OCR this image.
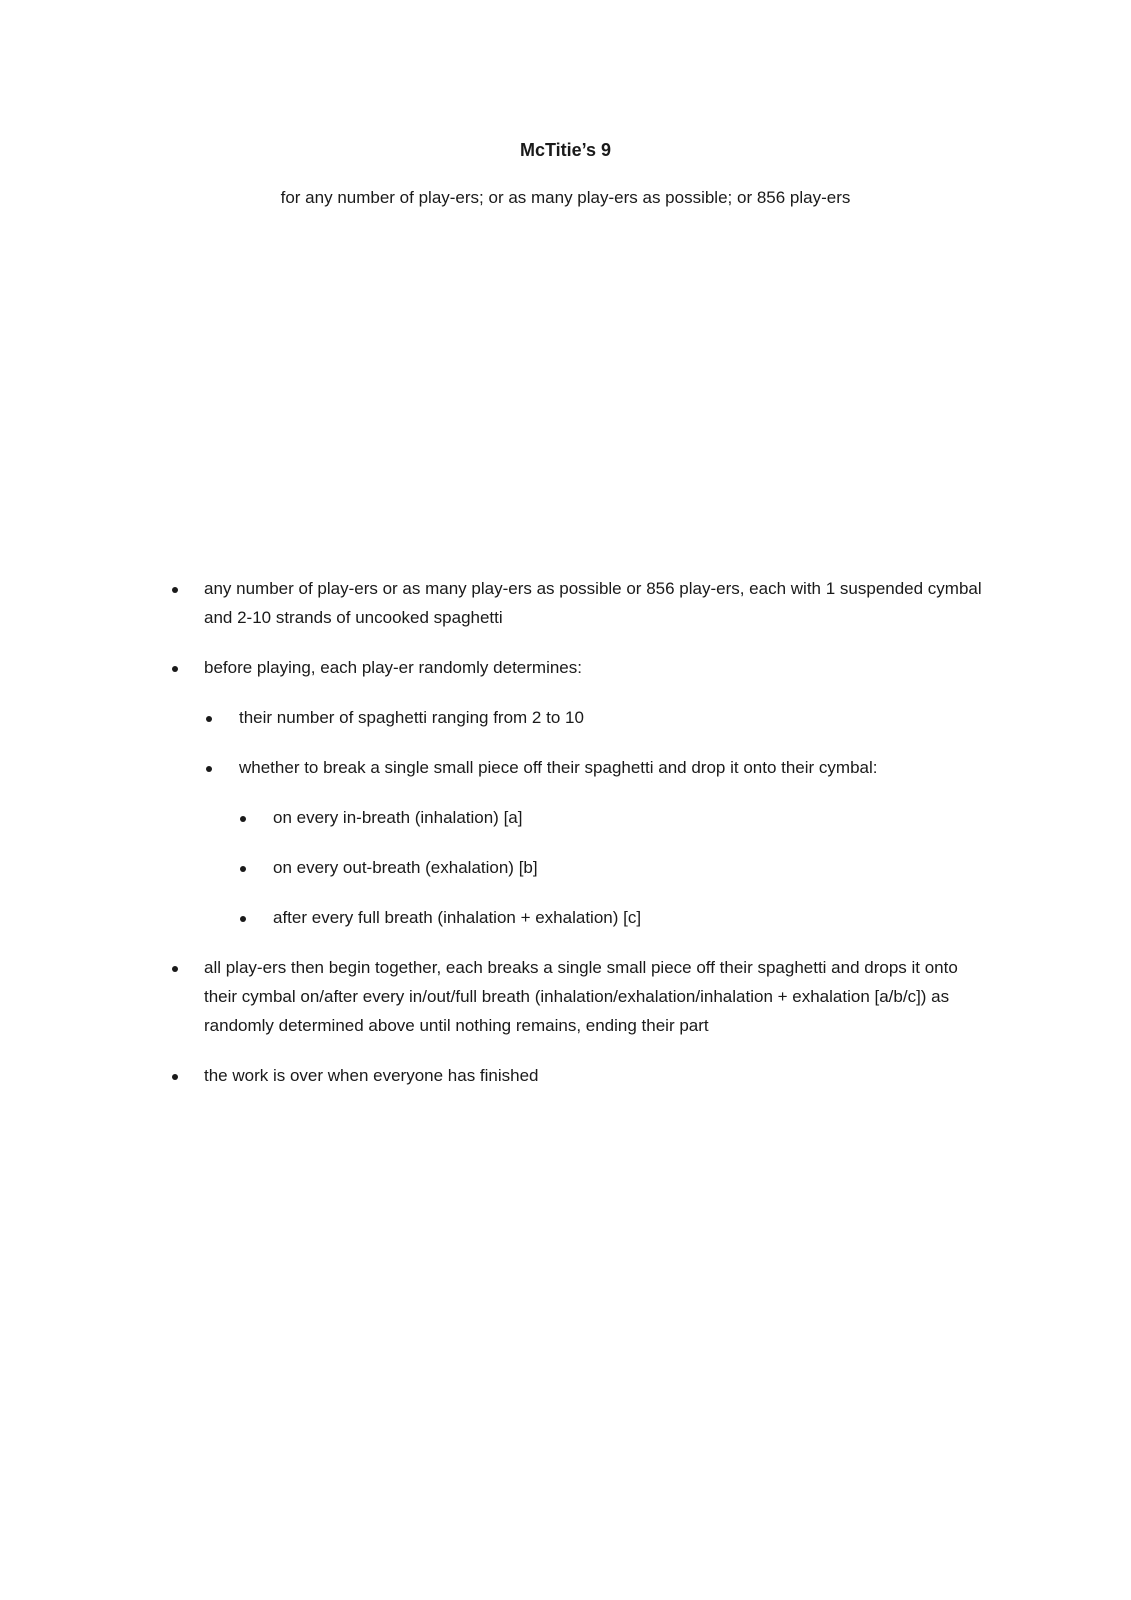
McTitie’s 9
for any number of play-ers; or as many play-ers as possible; or 856 play-ers
any number of play-ers or as many play-ers as possible or 856 play-ers, each with 1 suspended cymbal and 2-10 strands of uncooked spaghetti
before playing, each play-er randomly determines:
their number of spaghetti ranging from 2 to 10
whether to break a single small piece off their spaghetti and drop it onto their cymbal:
on every in-breath (inhalation) [a]
on every out-breath (exhalation) [b]
after every full breath (inhalation + exhalation) [c]
all play-ers then begin together, each breaks a single small piece off their spaghetti and drops it onto their cymbal on/after every in/out/full breath (inhalation/exhalation/inhalation + exhalation [a/b/c]) as randomly determined above until nothing remains, ending their part
the work is over when everyone has finished
